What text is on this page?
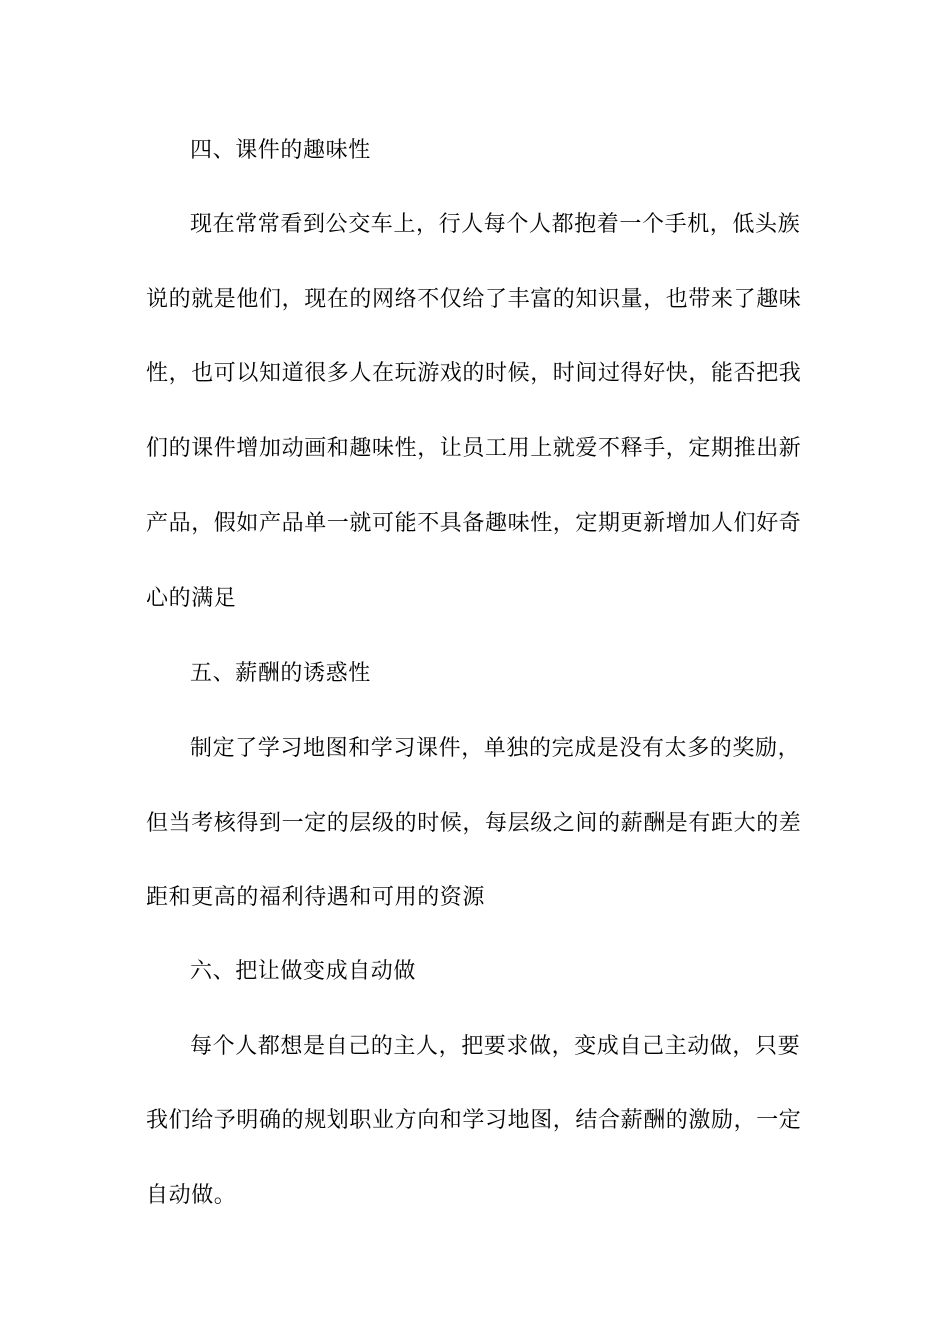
四、课件的趣味性
现在常常看到公交车上，行人每个人都抱着一个手机，低头族
说的就是他们，现在的网络不仅给了丰富的知识量，也带来了趣味
性，也可以知道很多人在玩游戏的时候，时间过得好快，能否把我
们的课件增加动画和趣味性，让员工用上就爱不释手，定期推出新
产品，假如产品单一就可能不具备趣味性，定期更新增加人们好奇
心的满足
五、薪酬的诱惑性
制定了学习地图和学习课件，单独的完成是没有太多的奖励，
但当考核得到一定的层级的时候，每层级之间的薪酬是有距大的差
距和更高的福利待遇和可用的资源
六、把让做变成自动做
每个人都想是自己的主人，把要求做，变成自己主动做，只要
我们给予明确的规划职业方向和学习地图，结合薪酬的激励，一定
自动做。
